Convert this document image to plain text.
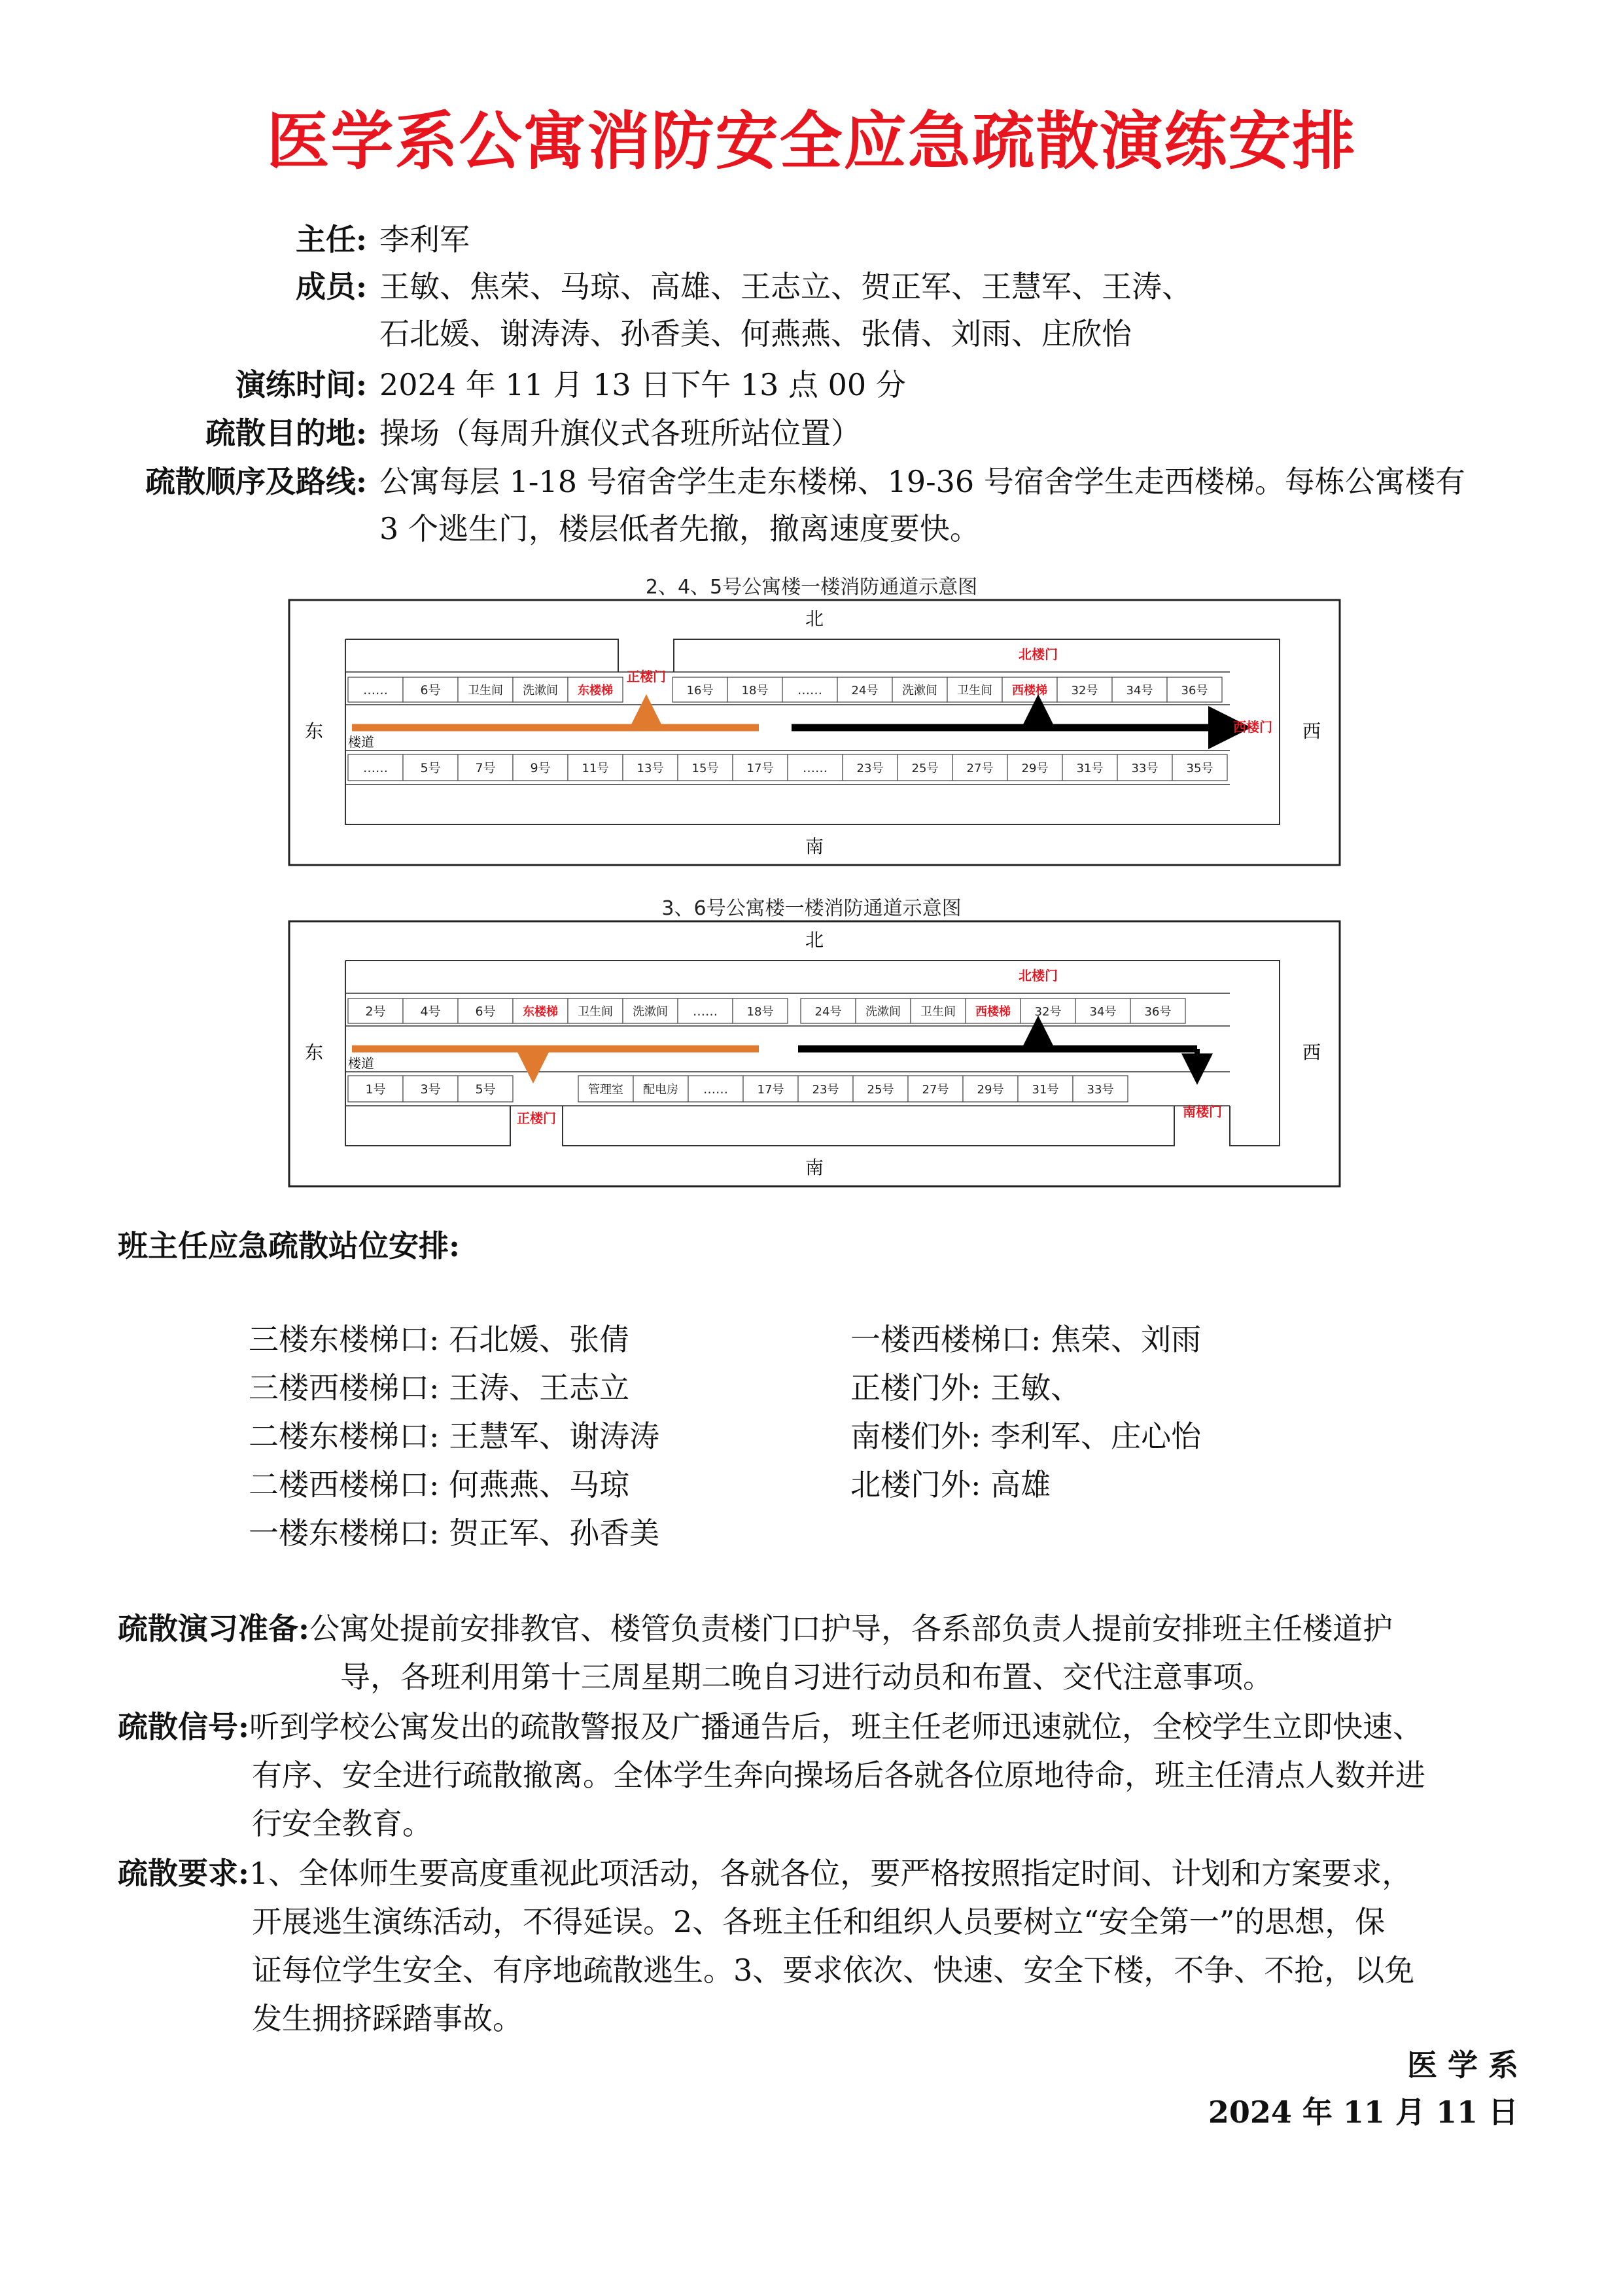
医学系公寓消防安全应急疏散演练安排
主任: 李利军
成员: 王敏、焦荣、马琼、高雄、王志立、贺正军、王慧军、王涛、
石北媛、谢涛涛、孙香美、何燕燕、张倩、刘雨、庄欣怡
演练时间: 2024 年 11 月 13 日下午 13 点 00 分
疏散目的地: 操场（每周升旗仪式各班所站位置）
疏散顺序及路线: 公寓每层 1-18 号宿舍学生走东楼梯、19-36 号宿舍学生走西楼梯。每栋公寓楼有
3 个逃生门，楼层低者先撤，撤离速度要快。
2、4、5号公寓楼一楼消防通道示意图
……	6号 卫生间 洗漱间 东楼梯	16号 18号 …… 24号 洗漱间 卫生间 西楼梯 32号 34号 36号
……	5号	7号	9号	11号 13号 15号 17号 …… 23号 25号 27号 29号 31号 33号 35号
北
南
东	西
楼道
正楼门
北楼门
西楼门
3、6号公寓楼一楼消防通道示意图
2号	4号	6号 东楼梯 卫生间 洗漱间 …… 18号	24号 洗漱间 卫生间 西楼梯 32号 34号 36号
1号	3号	5号	管理室 配电房 …… 17号 23号 25号 27号 29号 31号 33号
北
南
东	西
楼道
正楼门
北楼门
南楼门
班主任应急疏散站位安排:
三楼东楼梯口: 石北媛、张倩
三楼西楼梯口: 王涛、王志立
二楼东楼梯口: 王慧军、谢涛涛
二楼西楼梯口: 何燕燕、马琼
一楼东楼梯口: 贺正军、孙香美
一楼西楼梯口: 焦荣、刘雨
正楼门外: 王敏、
南楼们外: 李利军、庄心怡
北楼门外: 高雄
疏散演习准备:公寓处提前安排教官、楼管负责楼门口护导，各系部负责人提前安排班主任楼道护
导，各班利用第十三周星期二晚自习进行动员和布置、交代注意事项。
疏散信号:听到学校公寓发出的疏散警报及广播通告后，班主任老师迅速就位，全校学生立即快速、
有序、安全进行疏散撤离。全体学生奔向操场后各就各位原地待命，班主任清点人数并进
行安全教育。
疏散要求:1、全体师生要高度重视此项活动，各就各位，要严格按照指定时间、计划和方案要求，
开展逃生演练活动，不得延误。2、各班主任和组织人员要树立“安全第一”的思想，保
证每位学生安全、有序地疏散逃生。3、要求依次、快速、安全下楼，不争、不抢，以免
发生拥挤踩踏事故。
医 学 系
2024 年 11 月 11 日
